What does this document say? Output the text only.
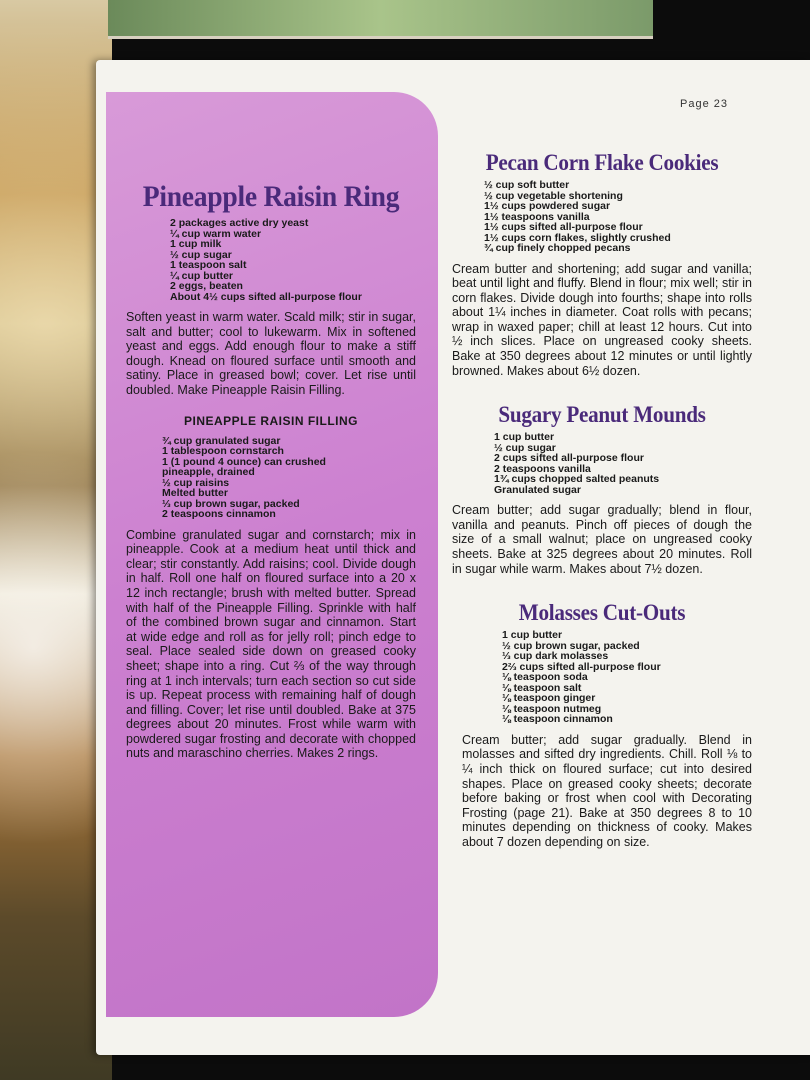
Page 23
Pineapple Raisin Ring
2 packages active dry yeast
¼ cup warm water
1 cup milk
½ cup sugar
1 teaspoon salt
¼ cup butter
2 eggs, beaten
About 4½ cups sifted all-purpose flour

Soften yeast in warm water. Scald milk; stir in sugar, salt and butter; cool to lukewarm. Mix in softened yeast and eggs. Add enough flour to make a stiff dough. Knead on floured surface until smooth and satiny. Place in greased bowl; cover. Let rise until doubled. Make Pineapple Raisin Filling.

PINEAPPLE RAISIN FILLING
¾ cup granulated sugar
1 tablespoon cornstarch
1 (1 pound 4 ounce) can crushed
pineapple, drained
½ cup raisins
Melted butter
⅓ cup brown sugar, packed
2 teaspoons cinnamon

Combine granulated sugar and cornstarch; mix in pineapple. Cook at a medium heat until thick and clear; stir constantly. Add raisins; cool. Divide dough in half. Roll one half on floured surface into a 20 x 12 inch rectangle; brush with melted butter. Spread with half of the Pineapple Filling. Sprinkle with half of the combined brown sugar and cinnamon. Start at wide edge and roll as for jelly roll; pinch edge to seal. Place sealed side down on greased cooky sheet; shape into a ring. Cut ⅔ of the way through ring at 1 inch intervals; turn each section so cut side is up. Repeat process with remaining half of dough and filling. Cover; let rise until doubled. Bake at 375 degrees about 20 minutes. Frost while warm with powdered sugar frosting and decorate with chopped nuts and maraschino cherries. Makes 2 rings.

Pecan Corn Flake Cookies
½ cup soft butter
½ cup vegetable shortening
1½ cups powdered sugar
1½ teaspoons vanilla
1½ cups sifted all-purpose flour
1½ cups corn flakes, slightly crushed
¾ cup finely chopped pecans

Cream butter and shortening; add sugar and vanilla; beat until light and fluffy. Blend in flour; mix well; stir in corn flakes. Divide dough into fourths; shape into rolls about 1¼ inches in diameter. Coat rolls with pecans; wrap in waxed paper; chill at least 12 hours. Cut into ½ inch slices. Place on ungreased cooky sheets. Bake at 350 degrees about 12 minutes or until lightly browned. Makes about 6½ dozen.

Sugary Peanut Mounds
1 cup butter
½ cup sugar
2 cups sifted all-purpose flour
2 teaspoons vanilla
1¾ cups chopped salted peanuts
Granulated sugar

Cream butter; add sugar gradually; blend in flour, vanilla and peanuts. Pinch off pieces of dough the size of a small walnut; place on ungreased cooky sheets. Bake at 325 degrees about 20 minutes. Roll in sugar while warm. Makes about 7½ dozen.

Molasses Cut-Outs
1 cup butter
½ cup brown sugar, packed
⅓ cup dark molasses
2⅔ cups sifted all-purpose flour
⅛ teaspoon soda
⅛ teaspoon salt
⅛ teaspoon ginger
⅛ teaspoon nutmeg
⅛ teaspoon cinnamon

Cream butter; add sugar gradually. Blend in molasses and sifted dry ingredients. Chill. Roll ⅛ to ¼ inch thick on floured surface; cut into desired shapes. Place on greased cooky sheets; decorate before baking or frost when cool with Decorating Frosting (page 21). Bake at 350 degrees 8 to 10 minutes depending on thickness of cooky. Makes about 7 dozen depending on size.
